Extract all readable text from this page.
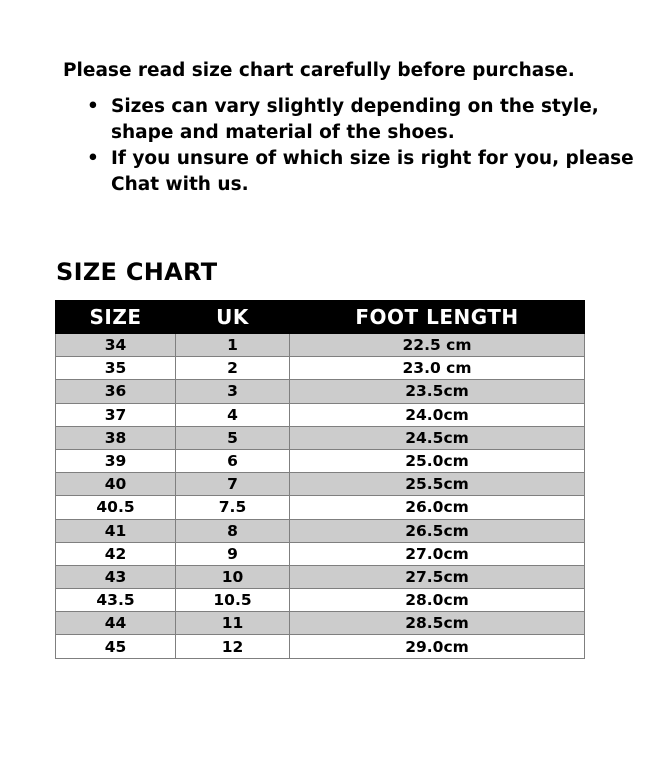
Please read size chart carefully before purchase.

• Sizes can vary slightly depending on the style, shape and material of the shoes.
• If you unsure of which size is right for you, please Chat with us.
SIZE CHART
SIZE	UK	FOOT LENGTH
34	1	22.5 cm
35	2	23.0 cm
36	3	23.5cm
37	4	24.0cm
38	5	24.5cm
39	6	25.0cm
40	7	25.5cm
40.5	7.5	26.0cm
41	8	26.5cm
42	9	27.0cm
43	10	27.5cm
43.5	10.5	28.0cm
44	11	28.5cm
45	12	29.0cm
